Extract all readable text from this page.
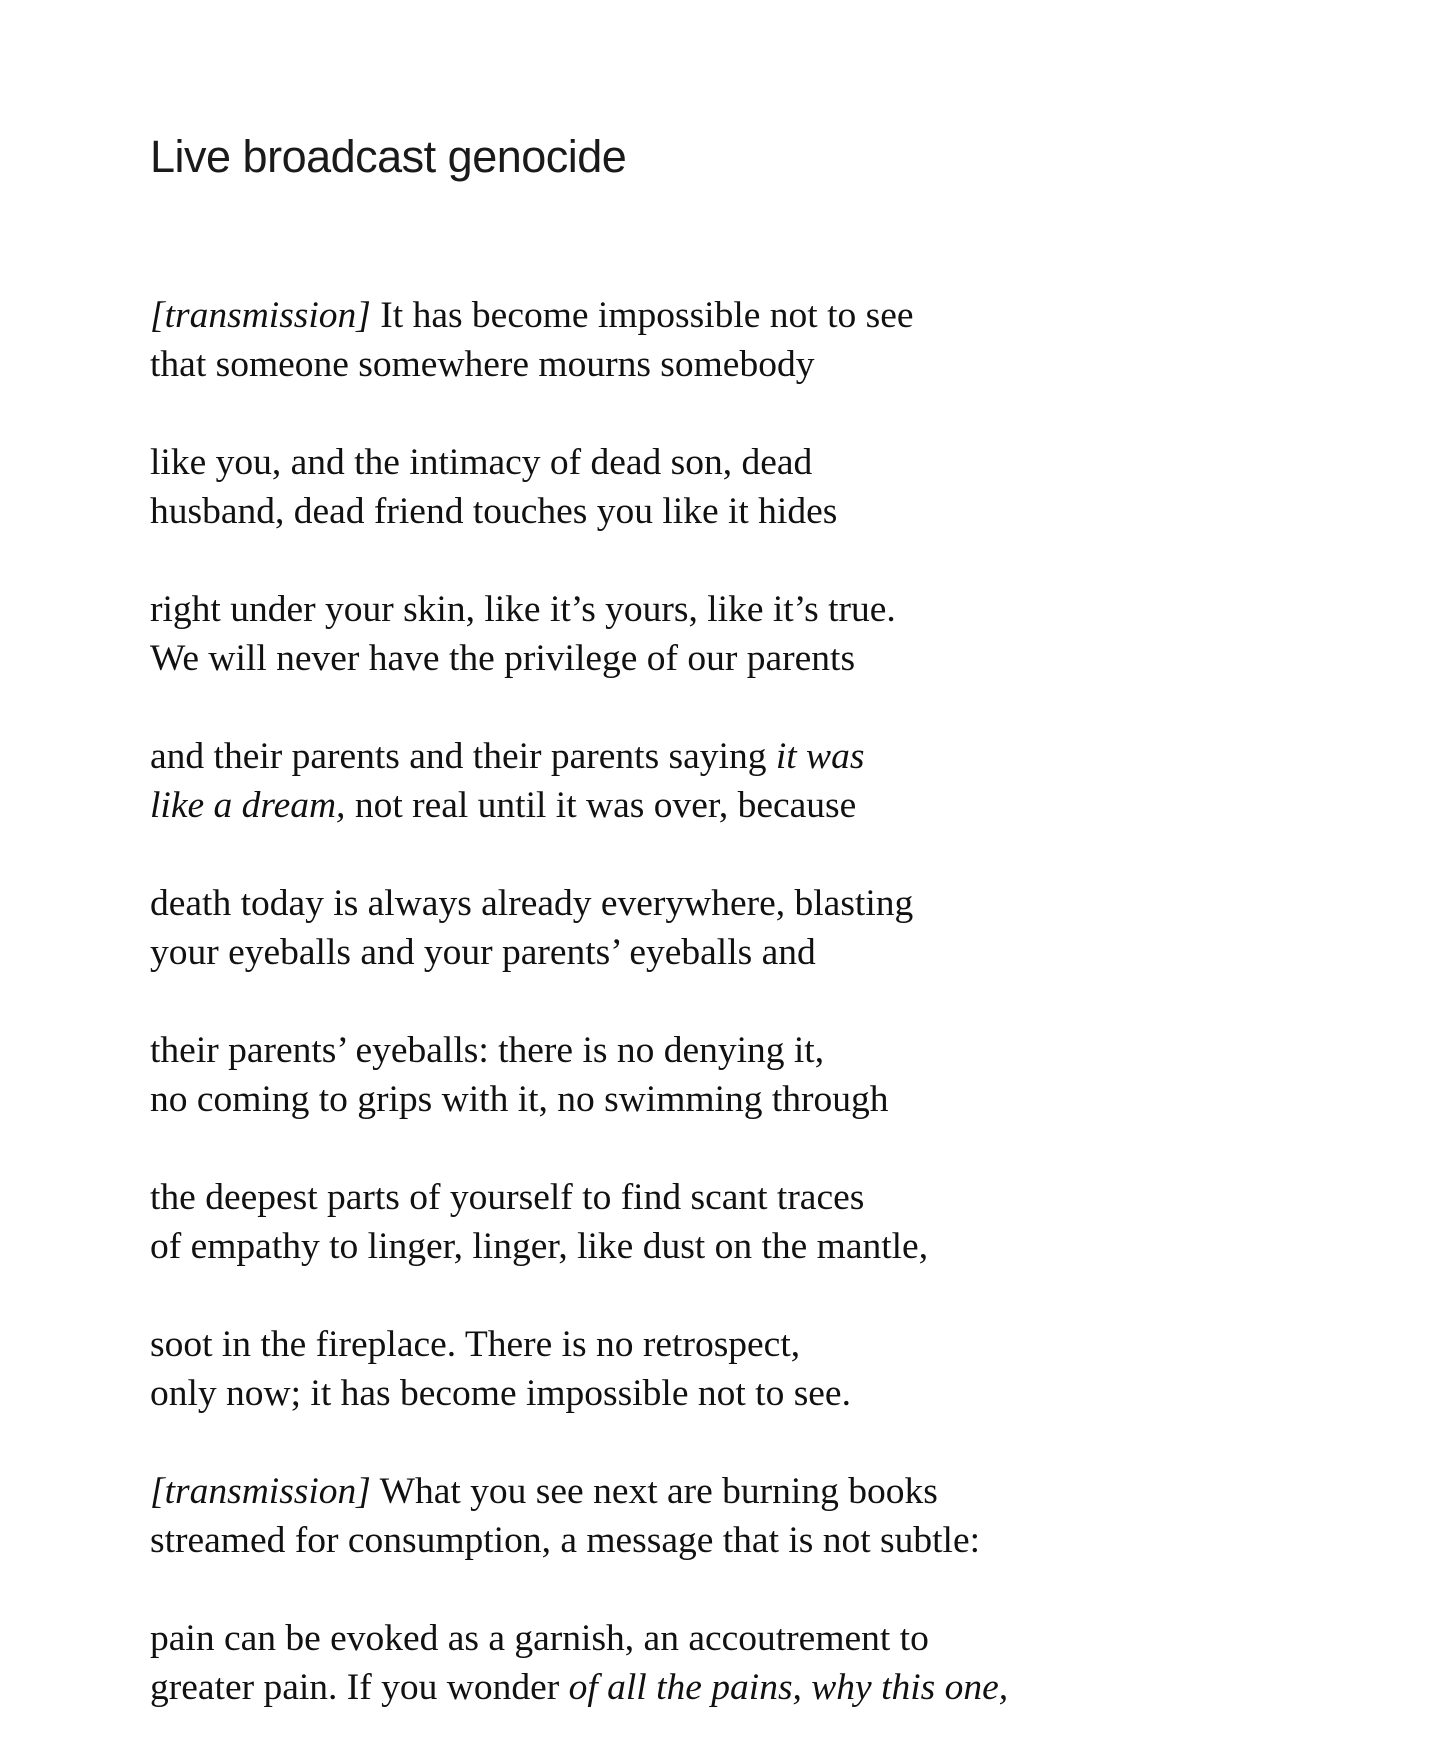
Live broadcast genocide
[transmission] It has become impossible not to see
that someone somewhere mourns somebody
like you, and the intimacy of dead son, dead
husband, dead friend touches you like it hides
right under your skin, like it’s yours, like it’s true.
We will never have the privilege of our parents
and their parents and their parents saying it was
like a dream, not real until it was over, because
death today is always already everywhere, blasting
your eyeballs and your parents’ eyeballs and
their parents’ eyeballs: there is no denying it,
no coming to grips with it, no swimming through
the deepest parts of yourself to find scant traces
of empathy to linger, linger, like dust on the mantle,
soot in the fireplace. There is no retrospect,
only now; it has become impossible not to see.
[transmission] What you see next are burning books
streamed for consumption, a message that is not subtle:
pain can be evoked as a garnish, an accoutrement to
greater pain. If you wonder of all the pains, why this one,
